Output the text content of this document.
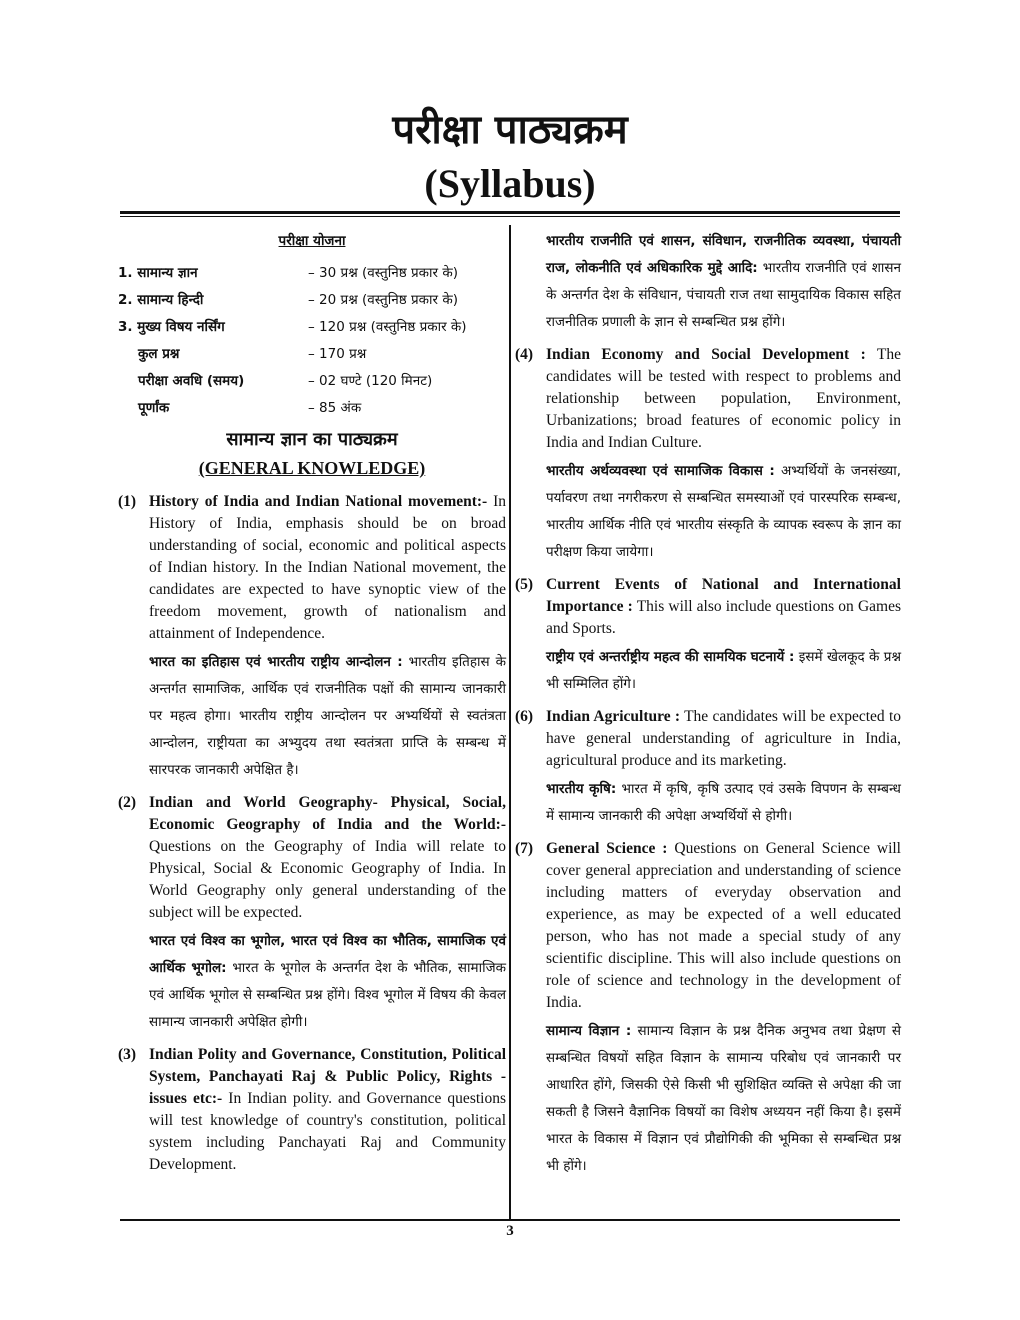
परीक्षा पाठ्यक्रम
(Syllabus)
परीक्षा योजना
1. सामान्य ज्ञान	– 30 प्रश्न (वस्तुनिष्ठ प्रकार के)
2. सामान्य हिन्दी	– 20 प्रश्न (वस्तुनिष्ठ प्रकार के)
3. मुख्य विषय नर्सिंग	– 120 प्रश्न (वस्तुनिष्ठ प्रकार के)
कुल प्रश्न	– 170 प्रश्न
परीक्षा अवधि (समय)	– 02 घण्टे (120 मिनट)
पूर्णांक	– 85 अंक
सामान्य ज्ञान का पाठ्यक्रम
(GENERAL KNOWLEDGE)
(1) History of India and Indian National movement:- In History of India, emphasis should be on broad understanding of social, economic and political aspects of Indian history. In the Indian National movement, the candidates are expected to have synoptic view of the freedom movement, growth of nationalism and attainment of Independence.

भारत का इतिहास एवं भारतीय राष्ट्रीय आन्दोलन : भारतीय इतिहास के अन्तर्गत सामाजिक, आर्थिक एवं राजनीतिक पक्षों की सामान्य जानकारी पर महत्व होगा। भारतीय राष्ट्रीय आन्दोलन पर अभ्यर्थियों से स्वतंत्रता आन्दोलन, राष्ट्रीयता का अभ्युदय तथा स्वतंत्रता प्राप्ति के सम्बन्ध में सारपरक जानकारी अपेक्षित है।

(2) Indian and World Geography- Physical, Social, Economic Geography of India and the World:- Questions on the Geography of India will relate to Physical, Social & Economic Geography of India. In World Geography only general understanding of the subject will be expected.

भारत एवं विश्व का भूगोल, भारत एवं विश्व का भौतिक, सामाजिक एवं आर्थिक भूगोल: भारत के भूगोल के अन्तर्गत देश के भौतिक, सामाजिक एवं आर्थिक भूगोल से सम्बन्धित प्रश्न होंगे। विश्व भूगोल में विषय की केवल सामान्य जानकारी अपेक्षित होगी।

(3) Indian Polity and Governance, Constitution, Political System, Panchayati Raj & Public Policy, Rights - issues etc:- In Indian polity. and Governance questions will test knowledge of country's constitution, political system including Panchayati Raj and Community Development.

भारतीय राजनीति एवं शासन, संविधान, राजनीतिक व्यवस्था, पंचायती राज, लोकनीति एवं अधिकारिक मुद्दे आदि: भारतीय राजनीति एवं शासन के अन्तर्गत देश के संविधान, पंचायती राज तथा सामुदायिक विकास सहित राजनीतिक प्रणाली के ज्ञान से सम्बन्धित प्रश्न होंगे।

(4) Indian Economy and Social Development : The candidates will be tested with respect to problems and relationship between population, Environment, Urbanizations; broad features of economic policy in India and Indian Culture.

भारतीय अर्थव्यवस्था एवं सामाजिक विकास : अभ्यर्थियों के जनसंख्या, पर्यावरण तथा नगरीकरण से सम्बन्धित समस्याओं एवं पारस्परिक सम्बन्ध, भारतीय आर्थिक नीति एवं भारतीय संस्कृति के व्यापक स्वरूप के ज्ञान का परीक्षण किया जायेगा।

(5) Current Events of National and International Importance : This will also include questions on Games and Sports.

राष्ट्रीय एवं अन्तर्राष्ट्रीय महत्व की सामयिक घटनायें : इसमें खेलकूद के प्रश्न भी सम्मिलित होंगे।

(6) Indian Agriculture : The candidates will be expected to have general understanding of agriculture in India, agricultural produce and its marketing.

भारतीय कृषि: भारत में कृषि, कृषि उत्पाद एवं उसके विपणन के सम्बन्ध में सामान्य जानकारी की अपेक्षा अभ्यर्थियों से होगी।

(7) General Science : Questions on General Science will cover general appreciation and understanding of science including matters of everyday observation and experience, as may be expected of a well educated person, who has not made a special study of any scientific discipline. This will also include questions on role of science and technology in the development of India.

सामान्य विज्ञान : सामान्य विज्ञान के प्रश्न दैनिक अनुभव तथा प्रेक्षण से सम्बन्धित विषयों सहित विज्ञान के सामान्य परिबोध एवं जानकारी पर आधारित होंगे, जिसकी ऐसे किसी भी सुशिक्षित व्यक्ति से अपेक्षा की जा सकती है जिसने वैज्ञानिक विषयों का विशेष अध्ययन नहीं किया है। इसमें भारत के विकास में विज्ञान एवं प्रौद्योगिकी की भूमिका से सम्बन्धित प्रश्न भी होंगे।

3
